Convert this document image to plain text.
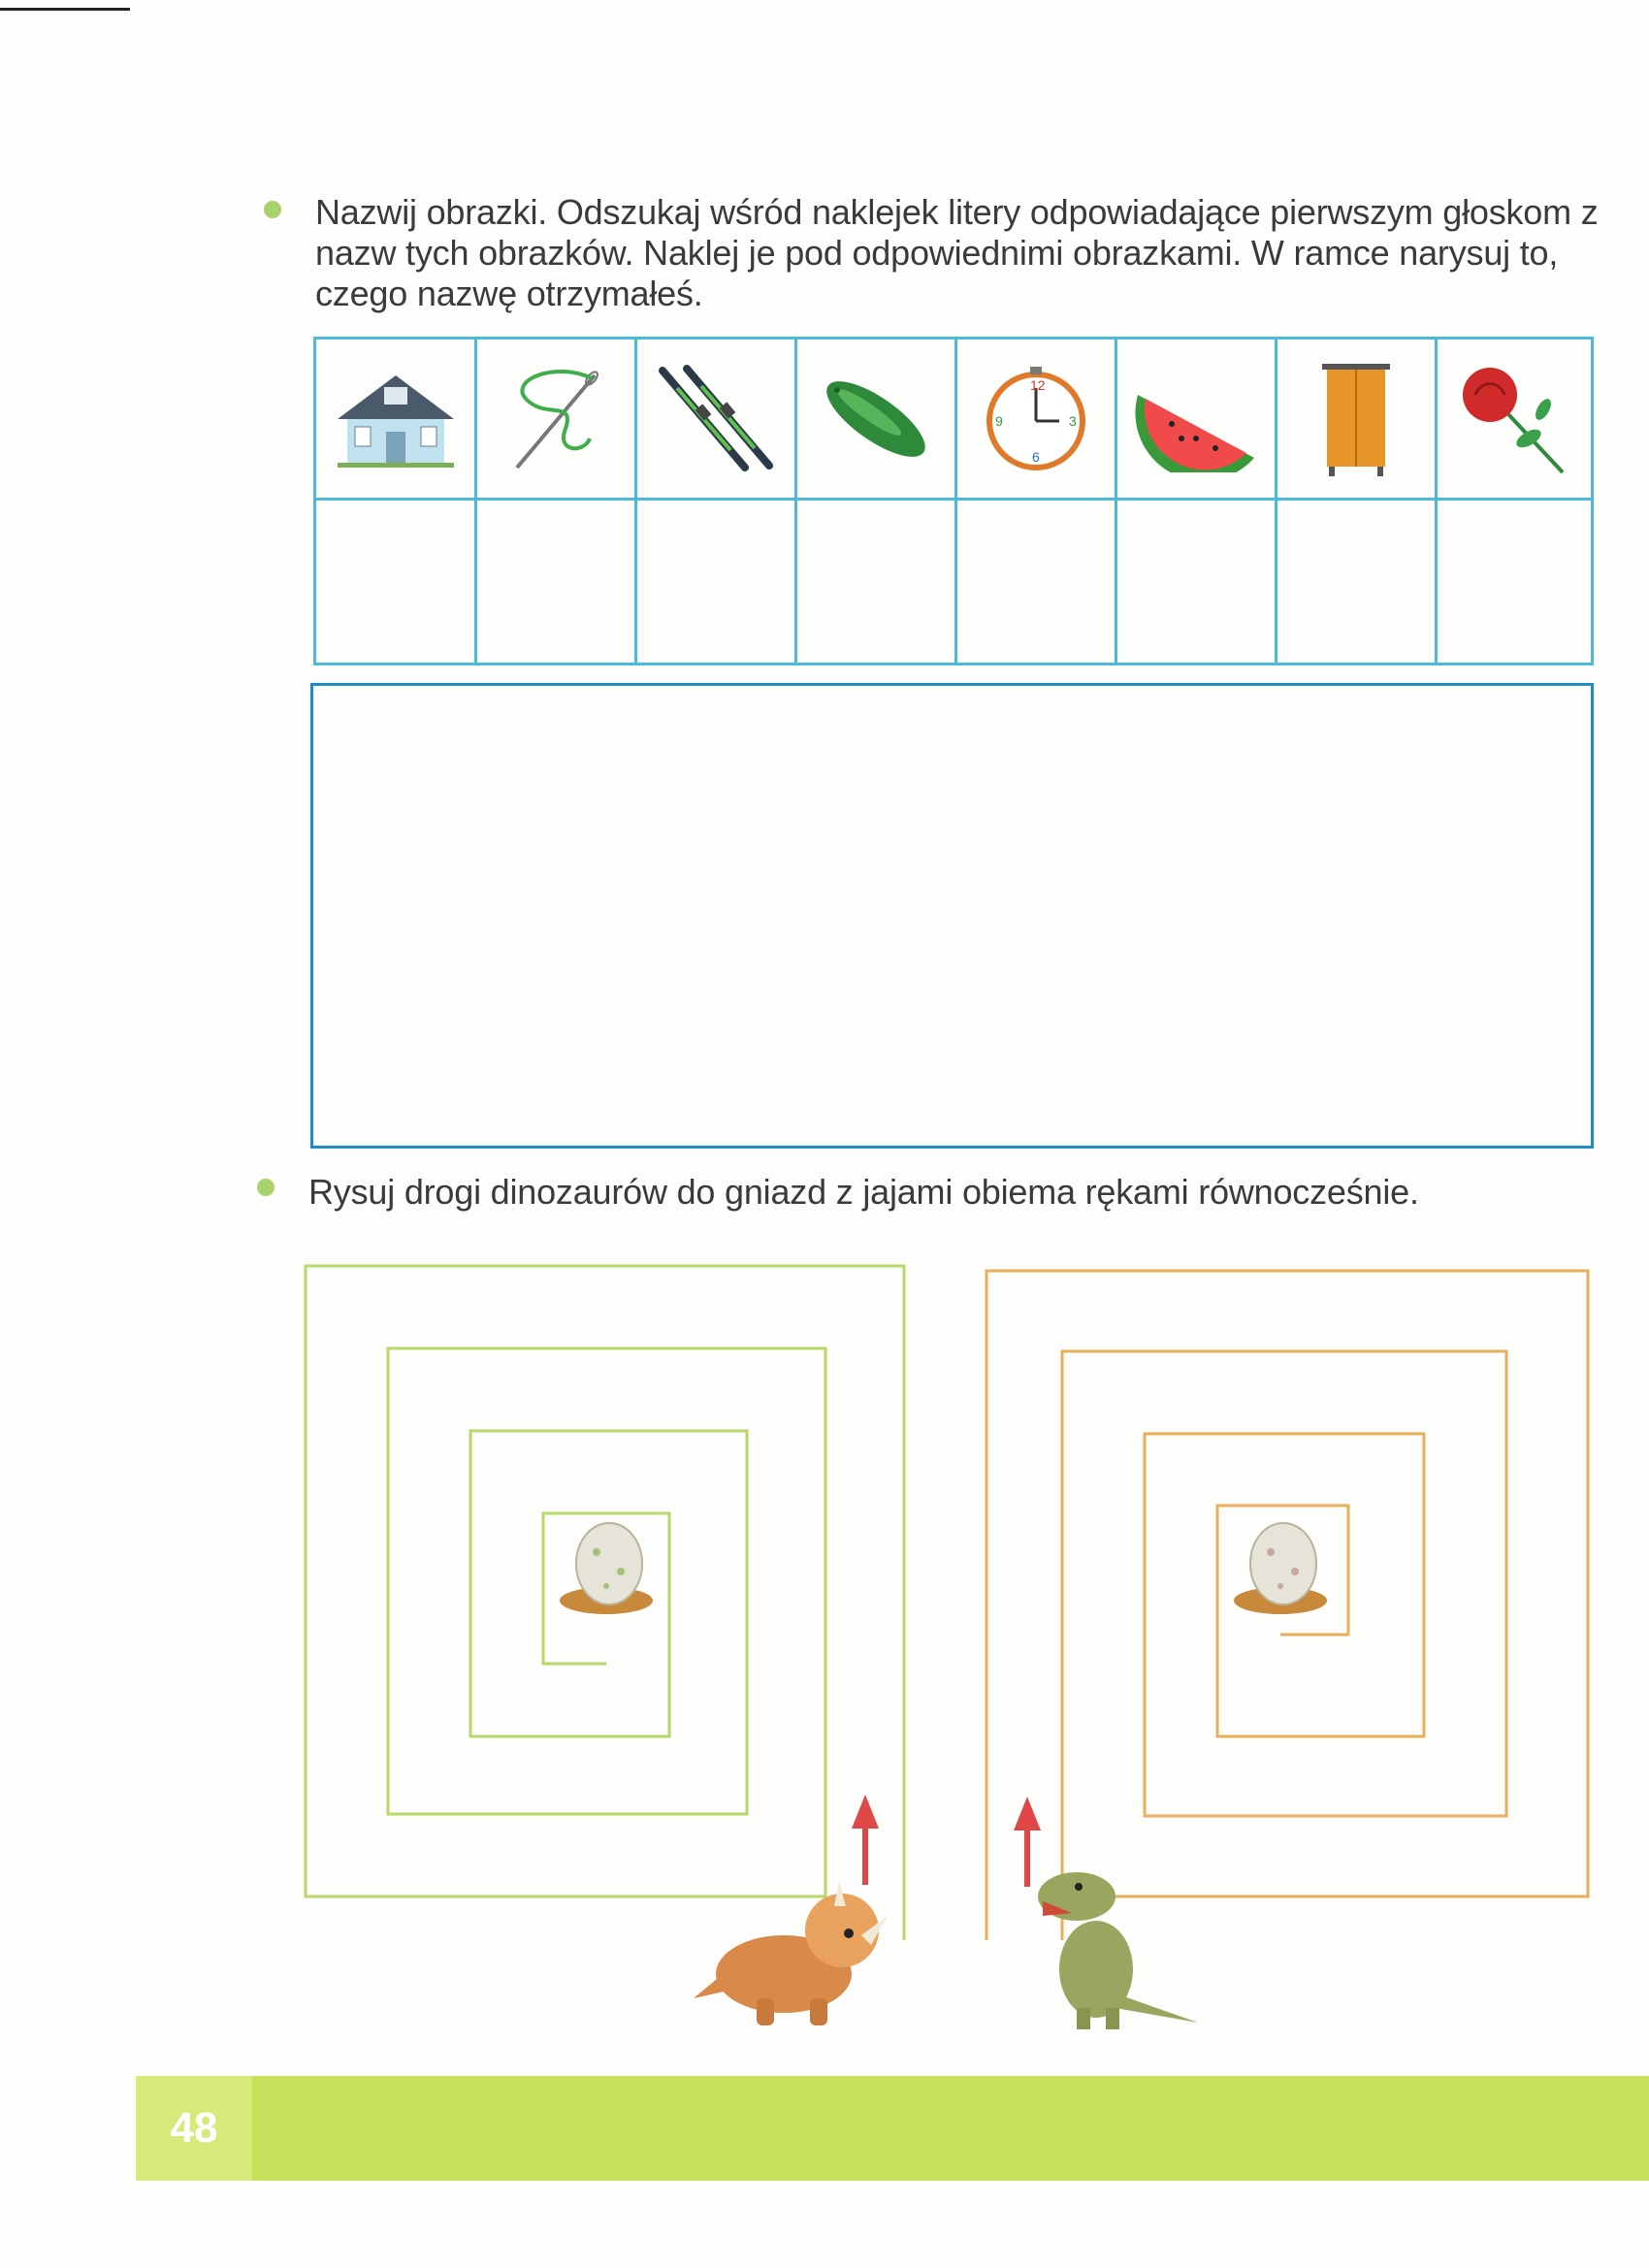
Nazwij obrazki. Odszukaj wśród naklejek litery odpowiadające pierwszym głoskom z nazw tych obrazków. Naklej je pod odpowiednimi obrazkami. W ramce narysuj to, czego nazwę otrzymałeś.
12
3
6
9
Rysuj drogi dinozaurów do gniazd z jajami obiema rękami równocześnie.
48
